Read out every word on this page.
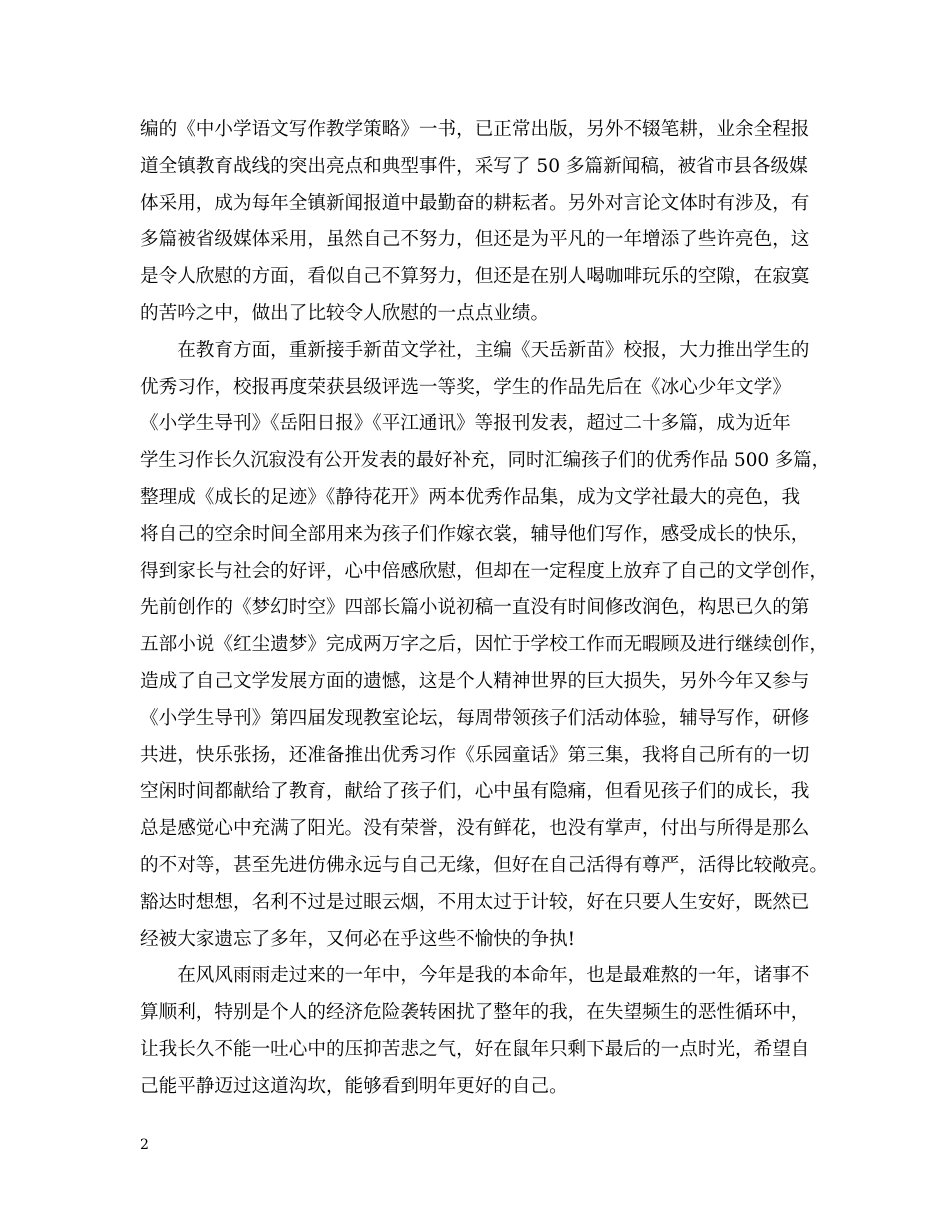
编的《中小学语文写作教学策略》一书，已正常出版，另外不辍笔耕，业余全程报
道全镇教育战线的突出亮点和典型事件，采写了 50 多篇新闻稿，被省市县各级媒
体采用，成为每年全镇新闻报道中最勤奋的耕耘者。另外对言论文体时有涉及，有
多篇被省级媒体采用，虽然自己不努力，但还是为平凡的一年增添了些许亮色，这
是令人欣慰的方面，看似自己不算努力，但还是在别人喝咖啡玩乐的空隙，在寂寞
的苦吟之中，做出了比较令人欣慰的一点点业绩。
　　在教育方面，重新接手新苗文学社，主编《天岳新苗》校报，大力推出学生的
优秀习作，校报再度荣获县级评选一等奖，学生的作品先后在《冰心少年文学》
《小学生导刊》《岳阳日报》《平江通讯》等报刊发表，超过二十多篇，成为近年
学生习作长久沉寂没有公开发表的最好补充，同时汇编孩子们的优秀作品 500 多篇，
整理成《成长的足迹》《静待花开》两本优秀作品集，成为文学社最大的亮色，我
将自己的空余时间全部用来为孩子们作嫁衣裳，辅导他们写作，感受成长的快乐，
得到家长与社会的好评，心中倍感欣慰，但却在一定程度上放弃了自己的文学创作，
先前创作的《梦幻时空》四部长篇小说初稿一直没有时间修改润色，构思已久的第
五部小说《红尘遗梦》完成两万字之后，因忙于学校工作而无暇顾及进行继续创作，
造成了自己文学发展方面的遗憾，这是个人精神世界的巨大损失，另外今年又参与
《小学生导刊》第四届发现教室论坛，每周带领孩子们活动体验，辅导写作，研修
共进，快乐张扬，还准备推出优秀习作《乐园童话》第三集，我将自己所有的一切
空闲时间都献给了教育，献给了孩子们，心中虽有隐痛，但看见孩子们的成长，我
总是感觉心中充满了阳光。没有荣誉，没有鲜花，也没有掌声，付出与所得是那么
的不对等，甚至先进仿佛永远与自己无缘，但好在自己活得有尊严，活得比较敞亮。
豁达时想想，名利不过是过眼云烟，不用太过于计较，好在只要人生安好，既然已
经被大家遗忘了多年，又何必在乎这些不愉快的争执!
　　在风风雨雨走过来的一年中，今年是我的本命年，也是最难熬的一年，诸事不
算顺利，特别是个人的经济危险袭转困扰了整年的我，在失望频生的恶性循环中，
让我长久不能一吐心中的压抑苦悲之气，好在鼠年只剩下最后的一点时光，希望自
己能平静迈过这道沟坎，能够看到明年更好的自己。
2
